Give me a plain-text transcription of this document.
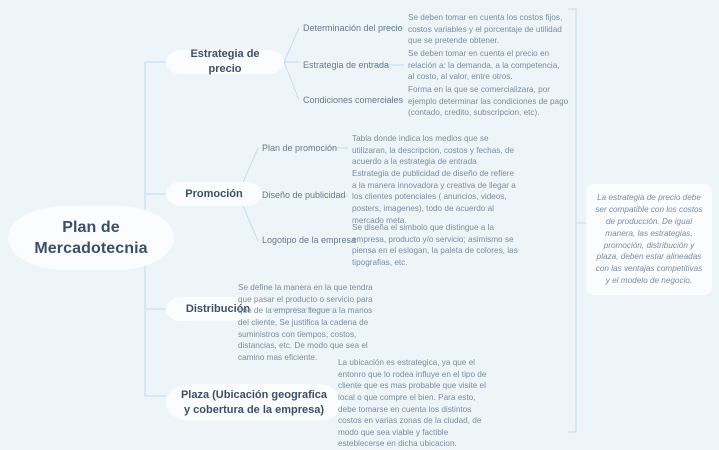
Plan de Mercadotecnia
Estrategia de precio
Promoción
Distribución
Plaza (Ubicación geografica y cobertura de la empresa)
Determinación del precio
Estrategia de entrada
Condiciones comerciales
Plan de promoción
Diseño de publicidad
Logotipo de la empresa
Se deben tomar en cuenta los costos fijos, costos variables y el porcentaje de utilidad que se pretende obtener.
Se deben tomar en cuenta el precio en relación a: la demanda, a la competencia, al costo, al valor, entre otros.
Forma en la que se comercializara, por ejemplo determinar las condiciones de pago (contado, credito, subscripcion, etc).
Tabla donde indica los medios que se utilizaran, la descripcion, costos y fechas, de acuerdo a la estrategia de entrada
Estrategia de publicidad de diseño de refiere a la manera innovadora y creativa de llegar a los clientes potenciales ( anuncios, videos, posters, imagenes), todo de acuerdo al mercado meta.
Se diseña el simbolo que distingue a la empresa, producto y/o servicio; asimismo se piensa en el eslogan, la paleta de colores, las tipografias, etc.
Se define la manera en la que tendra que pasar el producto o servicio para que de la empresa llegue a la manos del cliente, Se justifica la cadena de suministros con tiempos, costos, distancias, etc. De modo que sea el camino mas eficiente.
La ubicación es estrategica, ya que el entonro que lo rodea influye en el tipo de cliente que es mas probable que visite el local o que compre el bien. Para esto, debe tomarse en cuenta los distintos costos en varias zonas de la ciudad, de modo que sea viable y factible esteblecerse en dicha ubicacion.
La estrategia de precio debe ser compatible con los costos de producción. De igual manera, las estrategias, promoción, distribución y plaza, deben estar alineadas con las ventajas competitivas y el modelo de negocio.
